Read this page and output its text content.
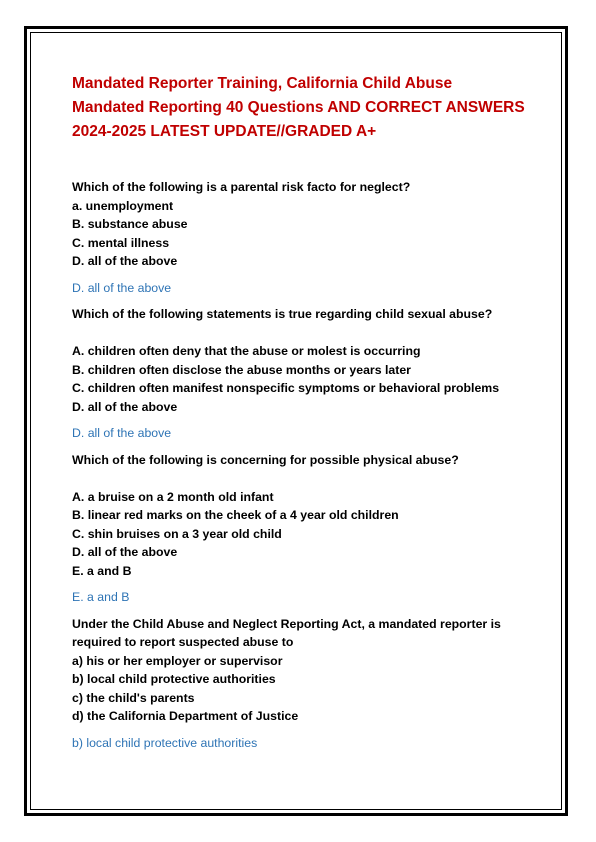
Mandated Reporter Training, California Child Abuse
Mandated Reporting 40 Questions AND CORRECT ANSWERS
2024-2025 LATEST UPDATE//GRADED A+
Which of the following is a parental risk facto for neglect?
a. unemployment
B. substance abuse
C. mental illness
D. all of the above
D. all of the above
Which of the following statements is true regarding child sexual abuse?
A. children often deny that the abuse or molest is occurring
B. children often disclose the abuse months or years later
C. children often manifest nonspecific symptoms or behavioral problems
D. all of the above
D. all of the above
Which of the following is concerning for possible physical abuse?
A. a bruise on a 2 month old infant
B. linear red marks on the cheek of a 4 year old children
C. shin bruises on a 3 year old child
D. all of the above
E. a and B
E. a and B
Under the Child Abuse and Neglect Reporting Act, a mandated reporter is
required to report suspected abuse to
a) his or her employer or supervisor
b) local child protective authorities
c) the child's parents
d) the California Department of Justice
b) local child protective authorities
